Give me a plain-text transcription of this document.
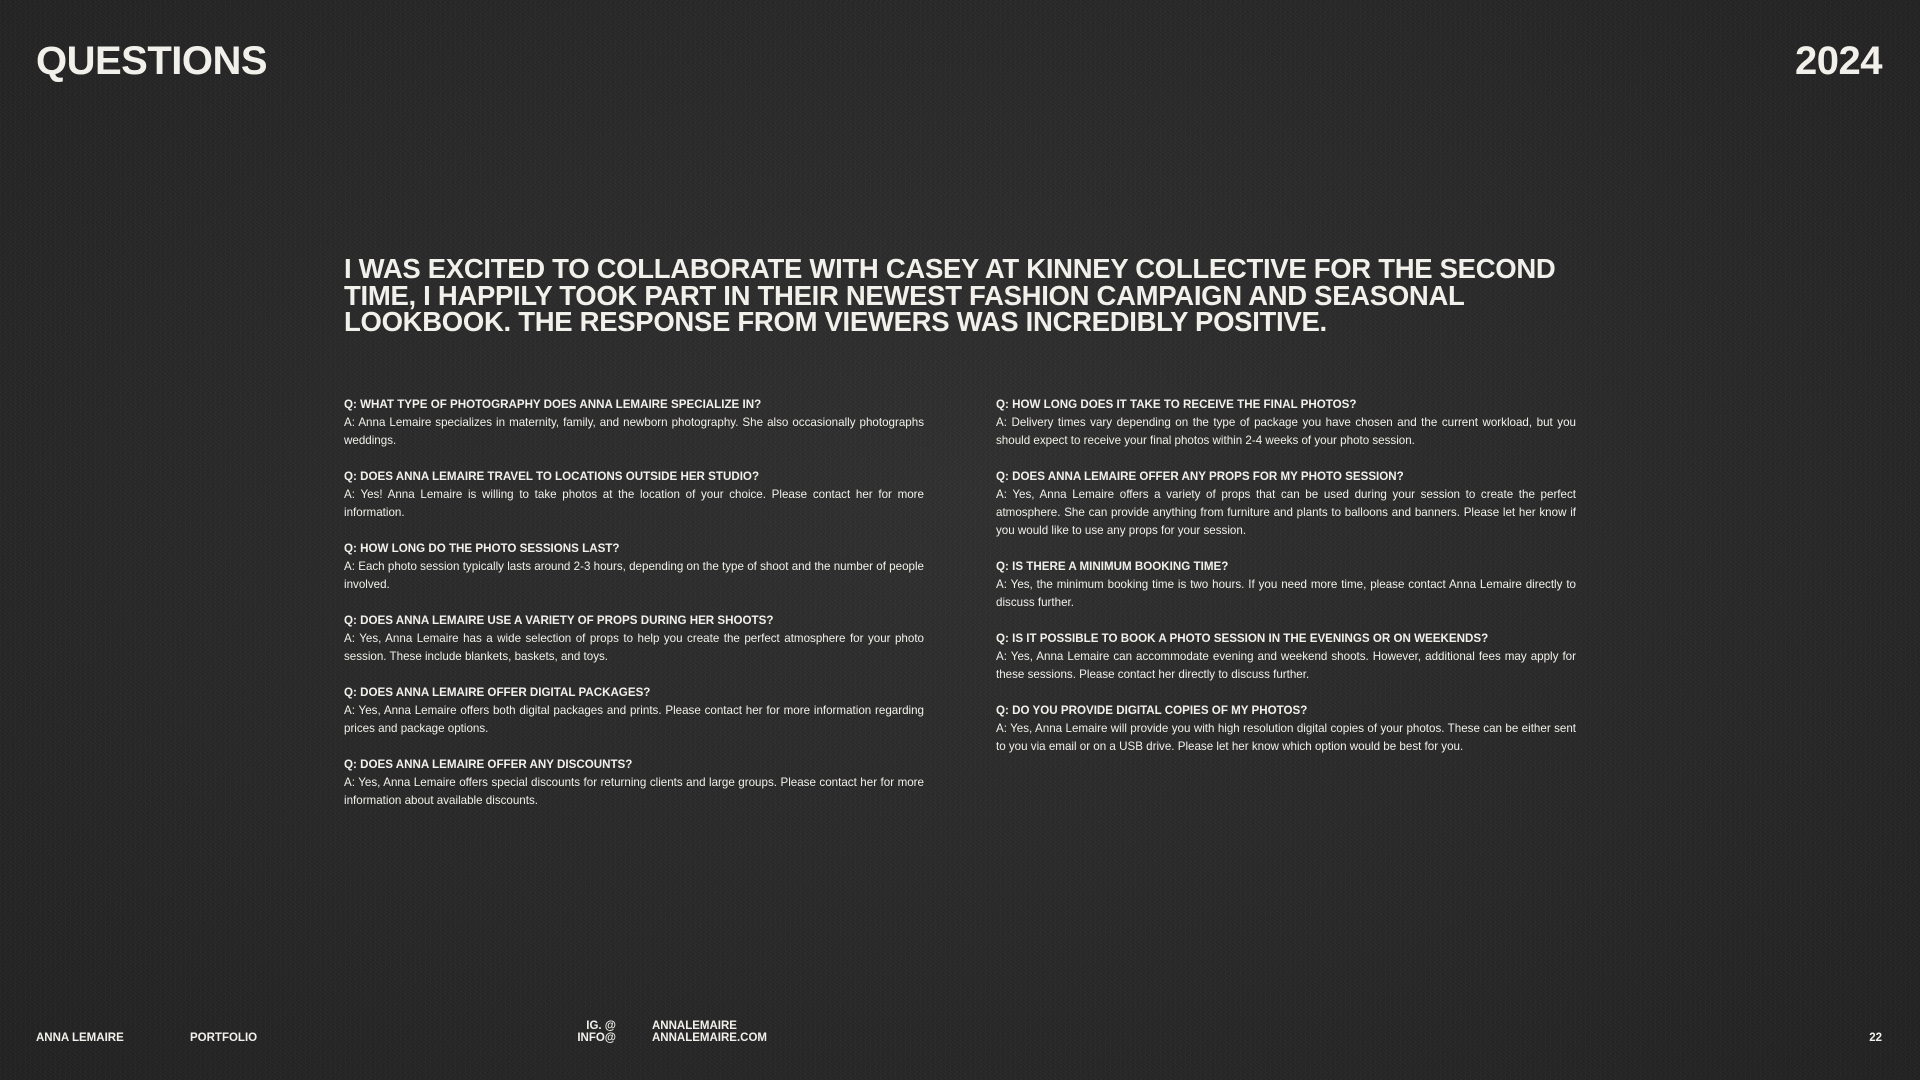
QUESTIONS	2024
I WAS EXCITED TO COLLABORATE WITH CASEY AT KINNEY COLLECTIVE FOR THE SECOND TIME, I HAPPILY TOOK PART IN THEIR NEWEST FASHION CAMPAIGN AND SEASONAL LOOKBOOK. THE RESPONSE FROM VIEWERS WAS INCREDIBLY POSITIVE.

Q: WHAT TYPE OF PHOTOGRAPHY DOES ANNA LEMAIRE SPECIALIZE IN?

A: Anna Lemaire specializes in maternity, family, and newborn photography. She also occasionally photographs weddings.

Q: DOES ANNA LEMAIRE TRAVEL TO LOCATIONS OUTSIDE HER STUDIO?

A: Yes! Anna Lemaire is willing to take photos at the location of your choice. Please contact her for more information.

Q: HOW LONG DO THE PHOTO SESSIONS LAST?

A: Each photo session typically lasts around 2-3 hours, depending on the type of shoot and the number of people involved.

Q: DOES ANNA LEMAIRE USE A VARIETY OF PROPS DURING HER SHOOTS?

A: Yes, Anna Lemaire has a wide selection of props to help you create the perfect atmosphere for your photo session. These include blankets, baskets, and toys.

Q: DOES ANNA LEMAIRE OFFER DIGITAL PACKAGES?

A: Yes, Anna Lemaire offers both digital packages and prints. Please contact her for more information regarding prices and package options.

Q: DOES ANNA LEMAIRE OFFER ANY DISCOUNTS?

A: Yes, Anna Lemaire offers special discounts for returning clients and large groups. Please contact her for more information about available discounts.

Q: HOW LONG DOES IT TAKE TO RECEIVE THE FINAL PHOTOS?

A: Delivery times vary depending on the type of package you have chosen and the current workload, but you should expect to receive your final photos within 2-4 weeks of your photo session.

Q: DOES ANNA LEMAIRE OFFER ANY PROPS FOR MY PHOTO SESSION?

A: Yes, Anna Lemaire offers a variety of props that can be used during your session to create the perfect atmosphere. She can provide anything from furniture and plants to balloons and banners. Please let her know if you would like to use any props for your session.

Q: IS THERE A MINIMUM BOOKING TIME?

A: Yes, the minimum booking time is two hours. If you need more time, please contact Anna Lemaire directly to discuss further.

Q: IS IT POSSIBLE TO BOOK A PHOTO SESSION IN THE EVENINGS OR ON WEEKENDS?

A: Yes, Anna Lemaire can accommodate evening and weekend shoots. However, additional fees may apply for these sessions. Please contact her directly to discuss further.

Q: DO YOU PROVIDE DIGITAL COPIES OF MY PHOTOS?

A: Yes, Anna Lemaire will provide you with high resolution digital copies of your photos. These can be either sent to you via email or on a USB drive. Please let her know which option would be best for you.

ANNA LEMAIRE	PORTFOLIO
IG. @
INFO@
ANNALEMAIRE
ANNALEMAIRE.COM	22
